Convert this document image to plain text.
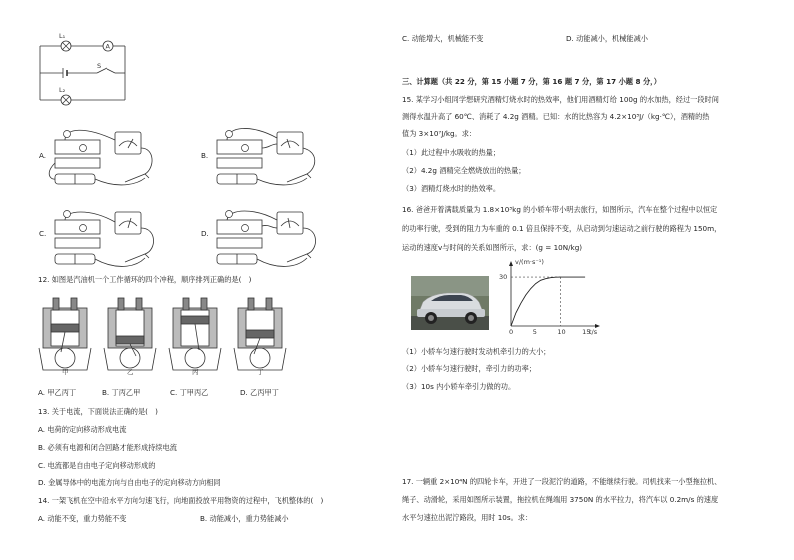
L₁
A
S
L₂
A.	B.
C.	D.
12. 如图是汽油机一个工作循环的四个冲程，顺序排列正确的是(　)
甲	乙	丙	丁
A. 甲乙丙丁	B. 丁丙乙甲	C. 丁甲丙乙	D. 乙丙甲丁
13. 关于电流，下面说法正确的是(　)
A. 电荷的定向移动形成电流
B. 必须有电源和闭合回路才能形成持续电流
C. 电流都是自由电子定向移动形成的
D. 金属导体中的电流方向与自由电子的定向移动方向相同
14. 一架飞机在空中沿水平方向匀速飞行，向地面投放平用物资的过程中，飞机整体的(　)
A. 动能不变，重力势能不变	B. 动能减小，重力势能减小
C. 动能增大，机械能不变	D. 动能减小，机械能减小
三、计算题（共 22 分，第 15 小题 7 分，第 16 题 7 分，第 17 小题 8 分，）
15. 某学习小组同学想研究酒精灯烧水时的热效率，他们用酒精灯给 100g 的水加热，经过一段时间
测得水温升高了 60℃、消耗了 4.2g 酒精。已知：水的比热容为 4.2×10³J/（kg·℃），酒精的热
值为 3×10⁷J/kg。求：
（1）此过程中水吸收的热量；
（2）4.2g 酒精完全燃烧放出的热量；
（3）酒精灯烧水时的热效率。
16. 爸爸开着满载质量为 1.8×10³kg 的小轿车带小明去旅行，如图所示，汽车在整个过程中以恒定
的功率行驶，受到的阻力为车重的 0.1 倍且保持不变，从启动到匀速运动之前行驶的路程为 150m，
运动的速度v与时间的关系如图所示，求：(g = 10N/kg)
v/(m·s⁻¹)
t/s
30
0	5	10	15
（1）小轿车匀速行驶时发动机牵引力的大小；
（2）小轿车匀速行驶时，牵引力的功率；
（3）10s 内小轿车牵引力做的功。
17. 一辆重 2×10⁴N 的四轮卡车，开进了一段泥泞的道路，不能继续行驶。司机找来一小型拖拉机、
绳子、动滑轮，采用如图所示装置，拖拉机在绳端用 3750N 的水平拉力，将汽车以 0.2m/s 的速度
水平匀速拉出泥泞路段，用时 10s。求：
